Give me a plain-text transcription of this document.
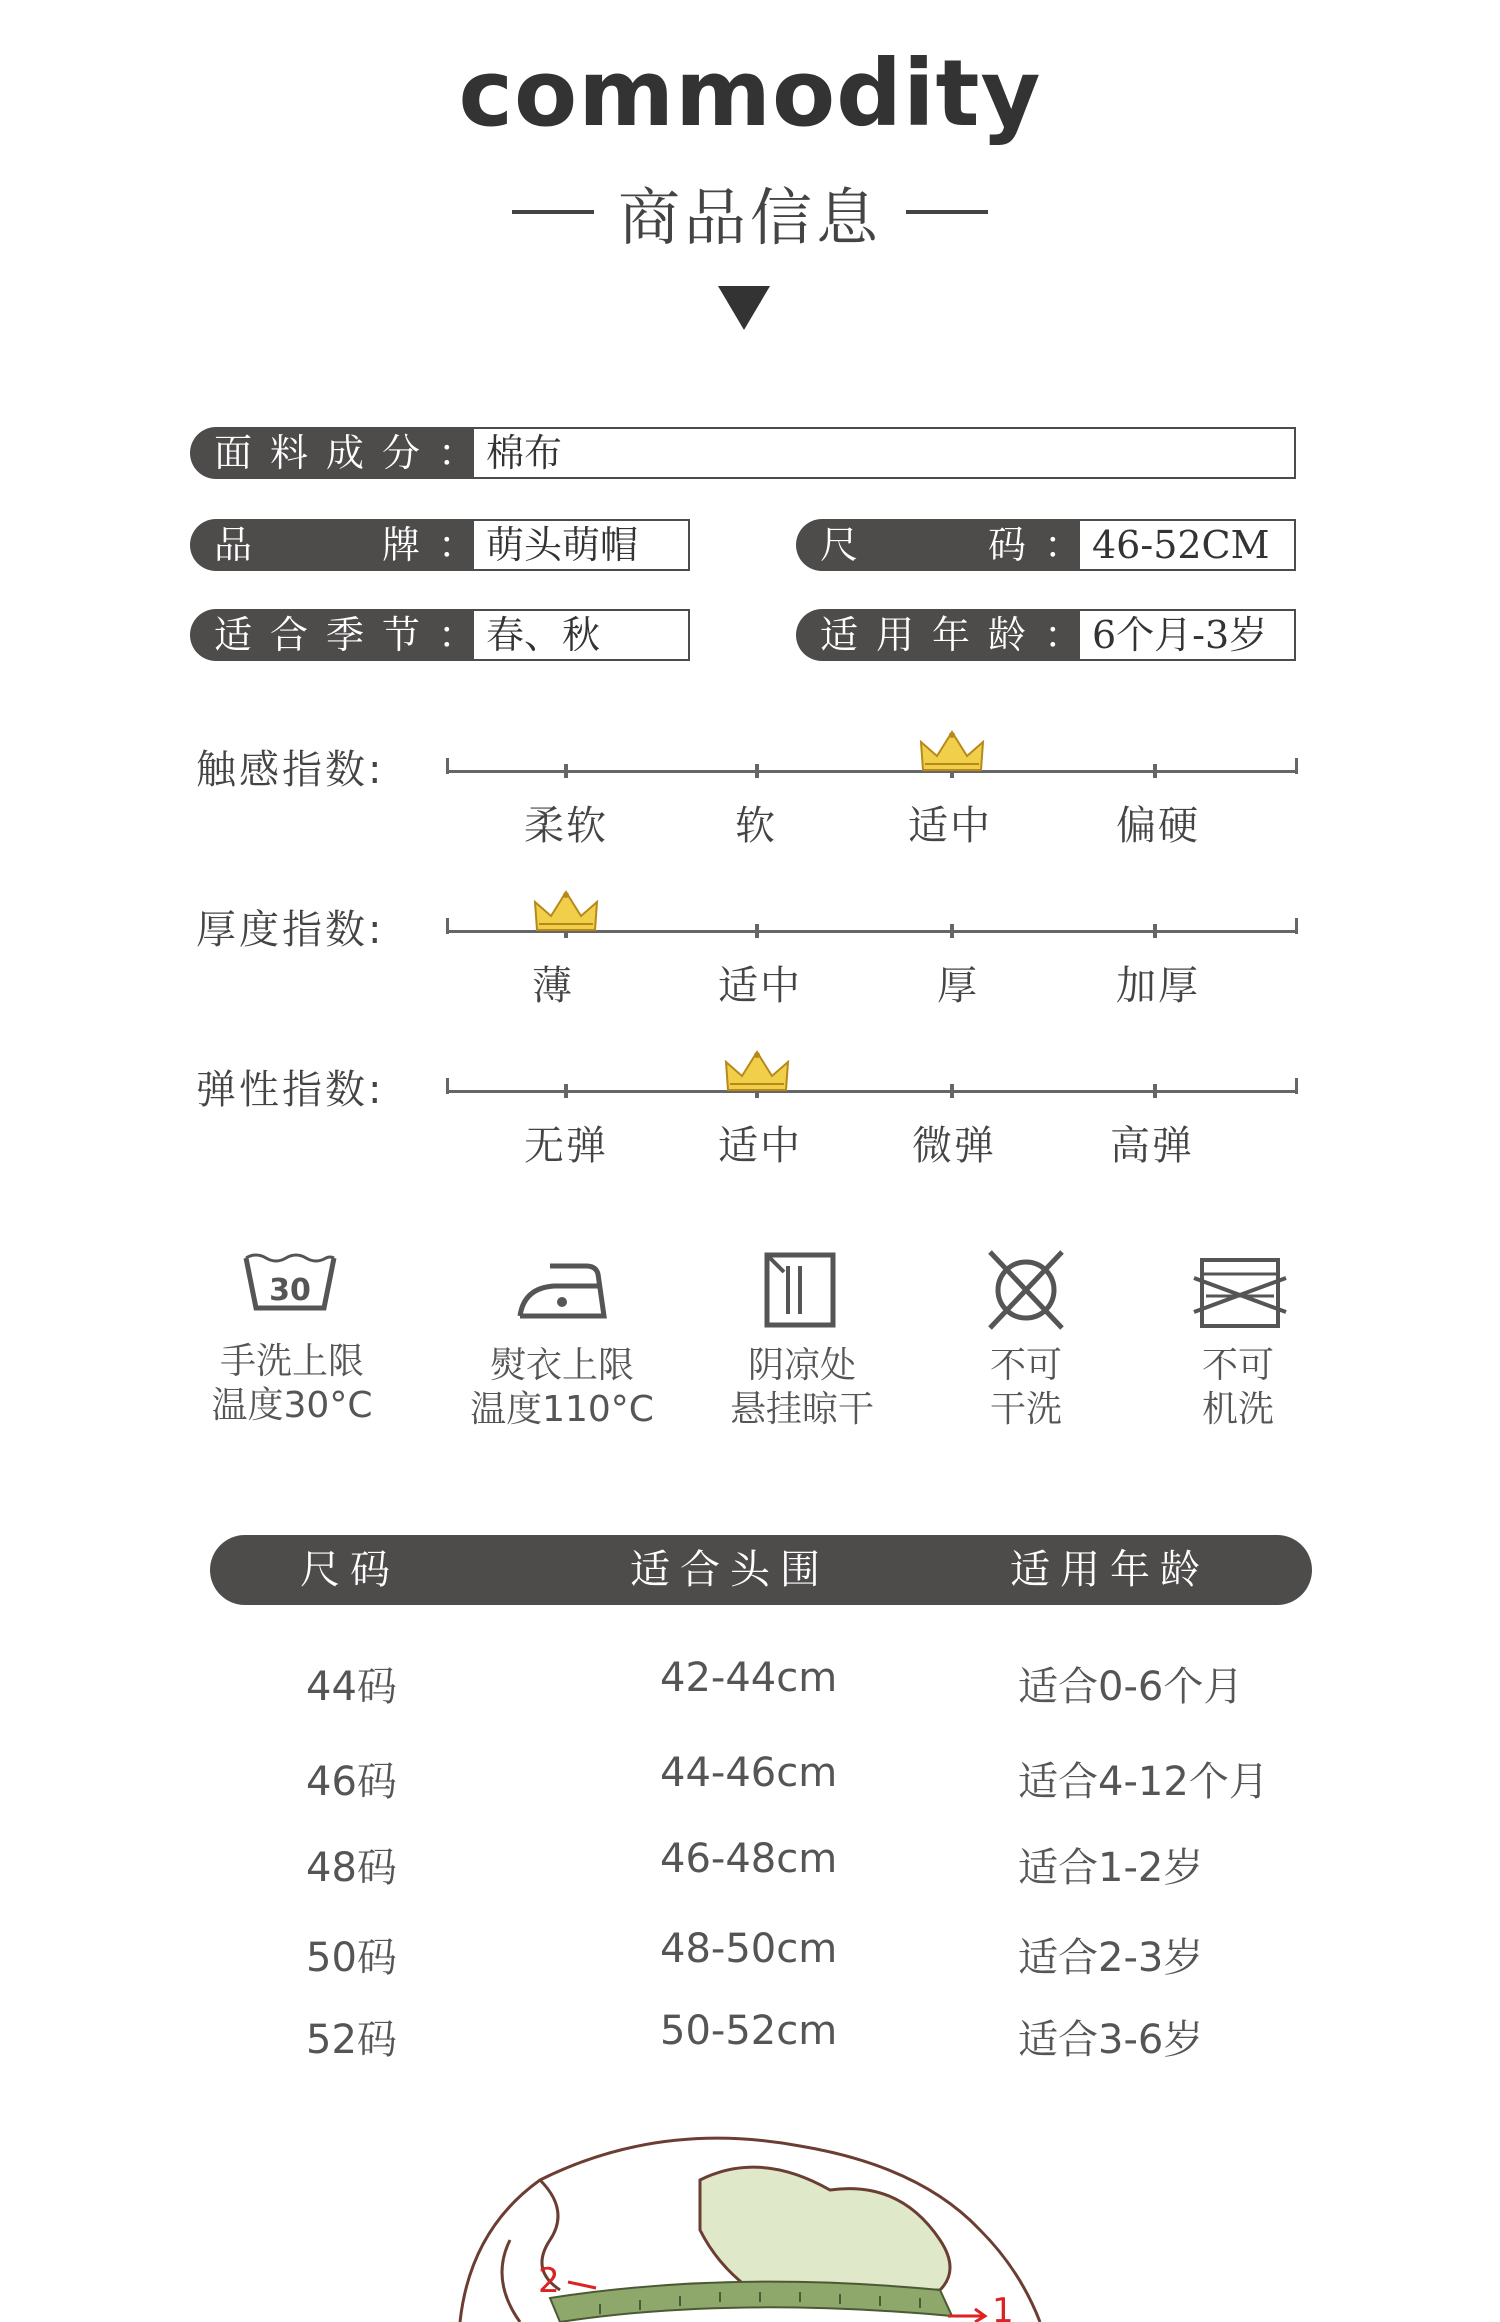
commodity
商品信息
面料成分：
棉布
品　　牌：
萌头萌帽	尺　　码：
46-52CM
适合季节：
春、秋	适用年龄：
6个月-3岁
触感指数:
柔软	软	适中	偏硬
厚度指数:
薄	适中	厚	加厚
弹性指数:
无弹	适中	微弹	高弹
30
手洗上限
温度30°C
熨衣上限
温度110°C
阴凉处
悬挂晾干
不可
干洗
不可
机洗
尺码	适合头围	适用年龄
44码	42-44cm	适合0-6个月
46码	44-46cm	适合4-12个月
48码	46-48cm	适合1-2岁
50码	48-50cm	适合2-3岁
52码	50-52cm	适合3-6岁
2
1
